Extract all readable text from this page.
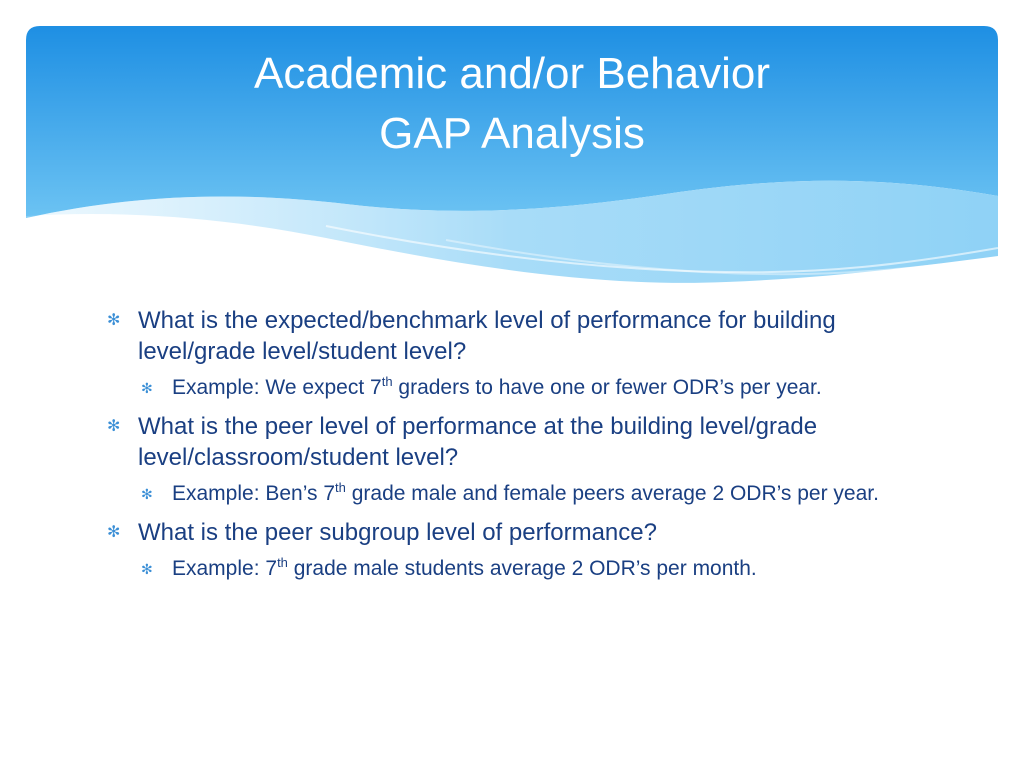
Academic and/or Behavior
GAP Analysis
✻ What is the expected/benchmark level of performance for building level/grade level/student level?
✻ Example: We expect 7th graders to have one or fewer ODR’s per year.
✻ What is the peer level of performance at the building level/grade level/classroom/student level?
✻ Example: Ben’s 7th grade male and female peers average 2 ODR’s per year.
✻ What is the peer subgroup level of performance?
✻ Example: 7th grade male students average 2 ODR’s per month.
